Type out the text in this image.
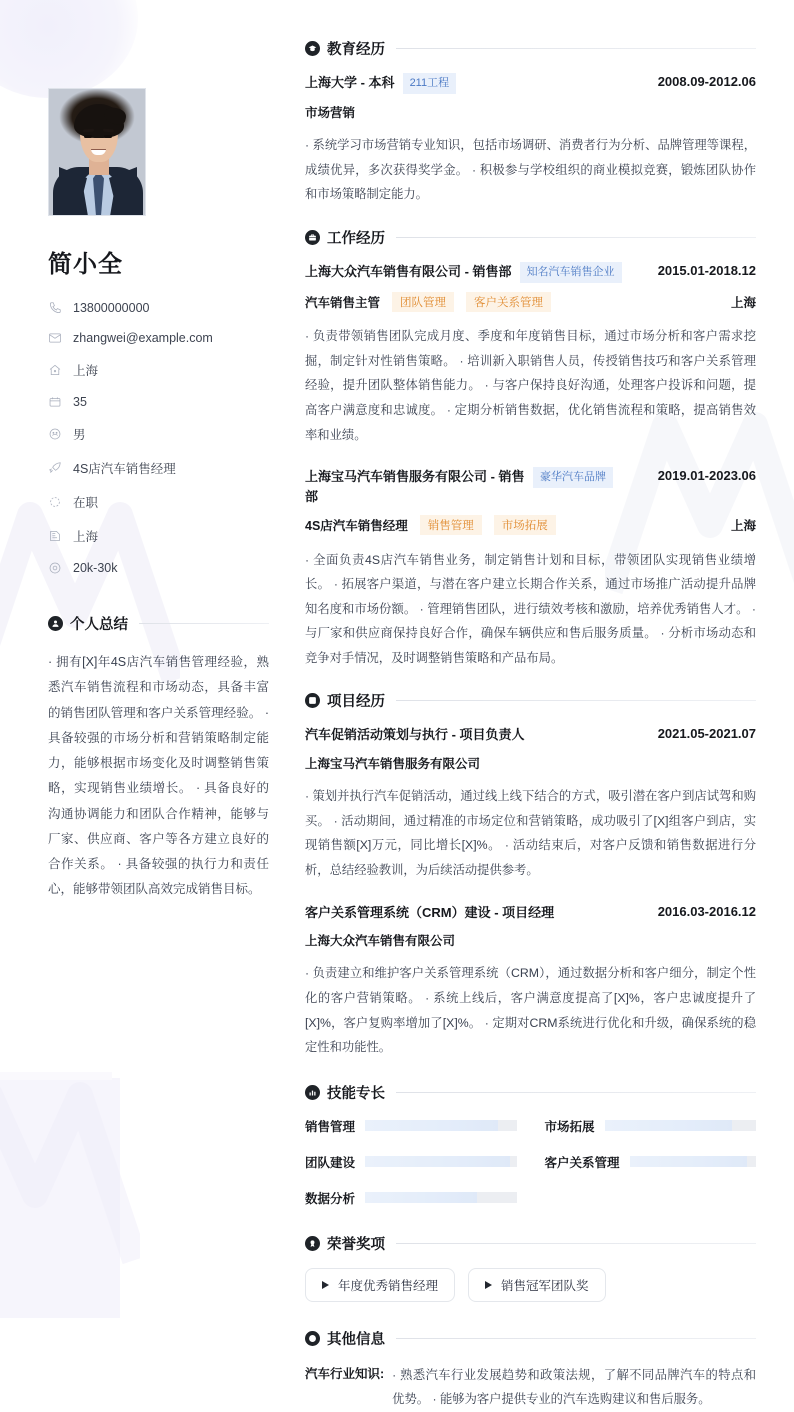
简小全
13800000000
zhangwei@example.com
上海
35
男
4S店汽车销售经理
在职
上海
20k-30k
个人总结

· 拥有[X]年4S店汽车销售管理经验，熟悉汽车销售流程和市场动态，具备丰富的销售团队管理和客户关系管理经验。 · 具备较强的市场分析和营销策略制定能力，能够根据市场变化及时调整销售策略，实现销售业绩增长。 · 具备良好的沟通协调能力和团队合作精神，能够与厂家、供应商、客户等各方建立良好的合作关系。 · 具备较强的执行力和责任心，能够带领团队高效完成销售目标。

教育经历
上海大学 - 本科	211工程	2008.09-2012.06
市场营销

· 系统学习市场营销专业知识，包括市场调研、消费者行为分析、品牌管理等课程，成绩优异，多次获得奖学金。 · 积极参与学校组织的商业模拟竞赛，锻炼团队协作和市场策略制定能力。

工作经历
上海大众汽车销售有限公司 - 销售部	知名汽车销售企业	2015.01-2018.12
汽车销售主管	团队管理	客户关系管理	上海

· 负责带领销售团队完成月度、季度和年度销售目标，通过市场分析和客户需求挖掘，制定针对性销售策略。 · 培训新入职销售人员，传授销售技巧和客户关系管理经验，提升团队整体销售能力。 · 与客户保持良好沟通，处理客户投诉和问题，提高客户满意度和忠诚度。 · 定期分析销售数据，优化销售流程和策略，提高销售效率和业绩。

上海宝马汽车销售服务有限公司 - 销售部
豪华汽车品牌	2019.01-2023.06
4S店汽车销售经理	销售管理	市场拓展	上海

· 全面负责4S店汽车销售业务，制定销售计划和目标，带领团队实现销售业绩增长。 · 拓展客户渠道，与潜在客户建立长期合作关系，通过市场推广活动提升品牌知名度和市场份额。 · 管理销售团队，进行绩效考核和激励，培养优秀销售人才。 · 与厂家和供应商保持良好合作，确保车辆供应和售后服务质量。 · 分析市场动态和竞争对手情况，及时调整销售策略和产品布局。

项目经历
汽车促销活动策划与执行 - 项目负责人	2021.05-2021.07
上海宝马汽车销售服务有限公司

· 策划并执行汽车促销活动，通过线上线下结合的方式，吸引潜在客户到店试驾和购买。 · 活动期间，通过精准的市场定位和营销策略，成功吸引了[X]组客户到店，实现销售额[X]万元，同比增长[X]%。 · 活动结束后，对客户反馈和销售数据进行分析，总结经验教训，为后续活动提供参考。

客户关系管理系统（CRM）建设 - 项目经理	2016.03-2016.12
上海大众汽车销售有限公司

· 负责建立和维护客户关系管理系统（CRM），通过数据分析和客户细分，制定个性化的客户营销策略。 · 系统上线后，客户满意度提高了[X]%，客户忠诚度提升了[X]%，客户复购率增加了[X]%。 · 定期对CRM系统进行优化和升级，确保系统的稳定性和功能性。

技能专长
销售管理	市场拓展
团队建设	客户关系管理
数据分析
荣誉奖项
年度优秀销售经理	销售冠军团队奖
其他信息
汽车行业知识: · 熟悉汽车行业发展趋势和政策法规，了解不同品牌汽车的特点和优势。 · 能够为客户提供专业的汽车选购建议和售后服务。
